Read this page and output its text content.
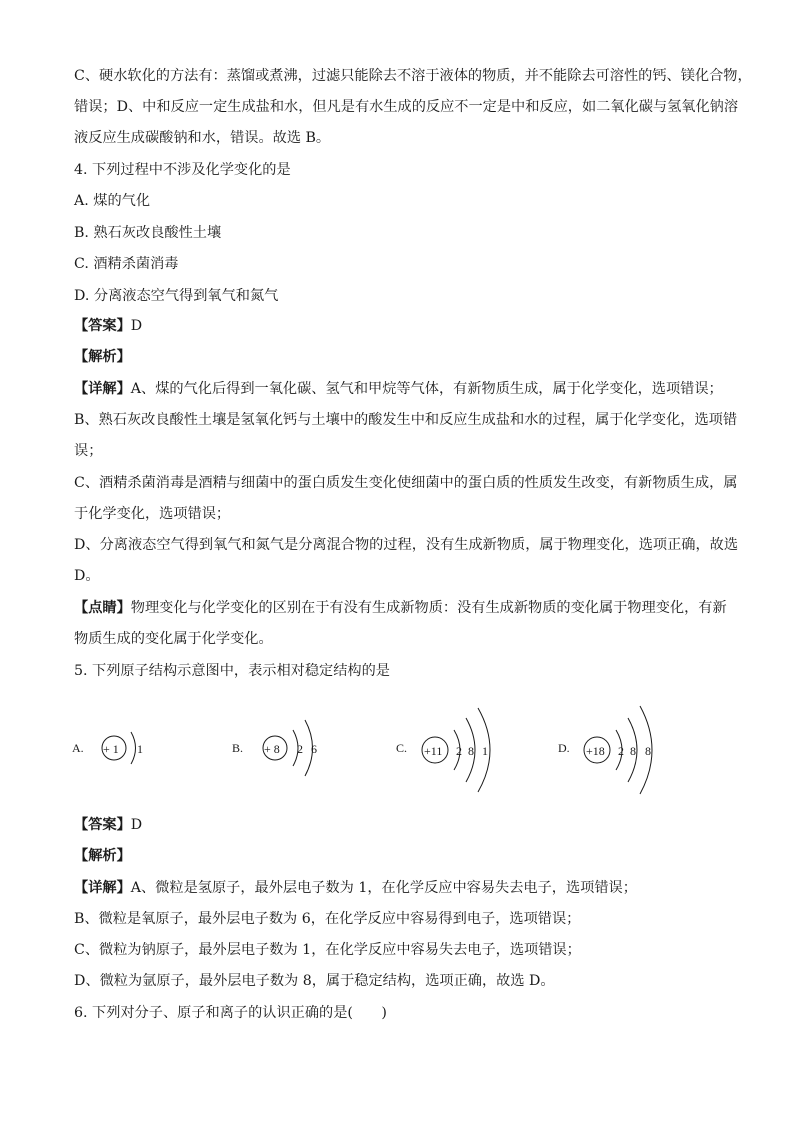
C、硬水软化的方法有：蒸馏或煮沸，过滤只能除去不溶于液体的物质，并不能除去可溶性的钙、镁化合物，
错误；D、中和反应一定生成盐和水，但凡是有水生成的反应不一定是中和反应，如二氧化碳与氢氧化钠溶
液反应生成碳酸钠和水，错误。故选 B。
4. 下列过程中不涉及化学变化的是
A. 煤的气化
B. 熟石灰改良酸性土壤
C. 酒精杀菌消毒
D. 分离液态空气得到氧气和氮气
【答案】D
【解析】
【详解】A、煤的气化后得到一氧化碳、氢气和甲烷等气体，有新物质生成，属于化学变化，选项错误；
B、熟石灰改良酸性土壤是氢氧化钙与土壤中的酸发生中和反应生成盐和水的过程，属于化学变化，选项错
误；
C、酒精杀菌消毒是酒精与细菌中的蛋白质发生变化使细菌中的蛋白质的性质发生改变，有新物质生成，属
于化学变化，选项错误；
D、分离液态空气得到氧气和氮气是分离混合物的过程，没有生成新物质，属于物理变化，选项正确，故选
D。
【点睛】物理变化与化学变化的区别在于有没有生成新物质：没有生成新物质的变化属于物理变化，有新
物质生成的变化属于化学变化。
5. 下列原子结构示意图中，表示相对稳定结构的是
A. + 1 1	B. + 8 2 6	C. +11 2 8 1	D. +18 2 8 8
【答案】D
【解析】
【详解】A、微粒是氢原子，最外层电子数为 1，在化学反应中容易失去电子，选项错误；
B、微粒是氧原子，最外层电子数为 6，在化学反应中容易得到电子，选项错误；
C、微粒为钠原子，最外层电子数为 1，在化学反应中容易失去电子，选项错误；
D、微粒为氩原子，最外层电子数为 8，属于稳定结构，选项正确，故选 D。
6. 下列对分子、原子和离子的认识正确的是(　　)
